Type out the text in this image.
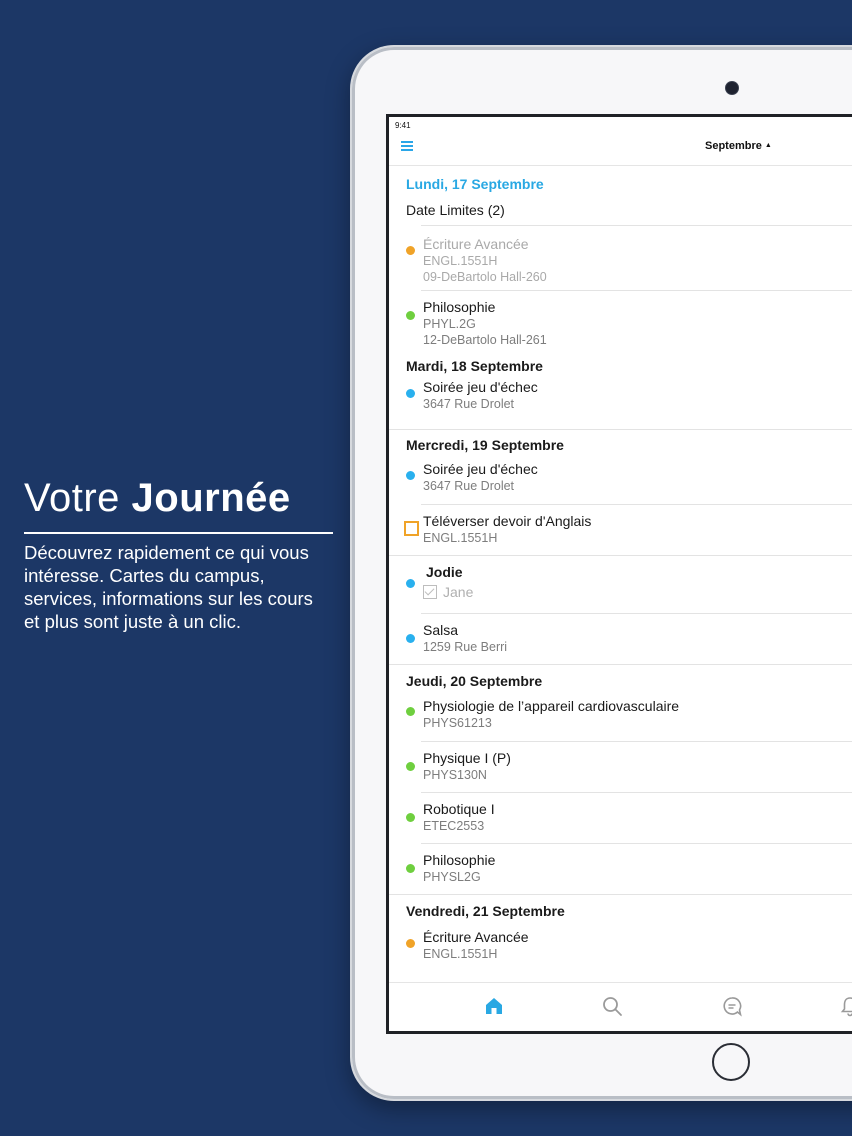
Votre Journée

Découvrez rapidement ce qui vous intéresse. Cartes du campus, services, informations sur les cours et plus sont juste à un clic.

9:41
Septembre ▲
Lundi, 17 Septembre
Date Limites (2)
Écriture Avancée
ENGL.1551H
09-DeBartolo Hall-260
Philosophie
PHYL.2G
12-DeBartolo Hall-261
Mardi, 18 Septembre
Soirée jeu d'échec
3647 Rue Drolet
Mercredi, 19 Septembre
Soirée jeu d'échec
3647 Rue Drolet
Téléverser devoir d'Anglais
ENGL.1551H
Jodie
Jane
Salsa
1259 Rue Berri
Jeudi, 20 Septembre
Physiologie de l’appareil cardiovasculaire
PHYS61213
Physique I (P)
PHYS130N
Robotique I
ETEC2553
Philosophie
PHYSL2G
Vendredi, 21 Septembre
Écriture Avancée
ENGL.1551H
